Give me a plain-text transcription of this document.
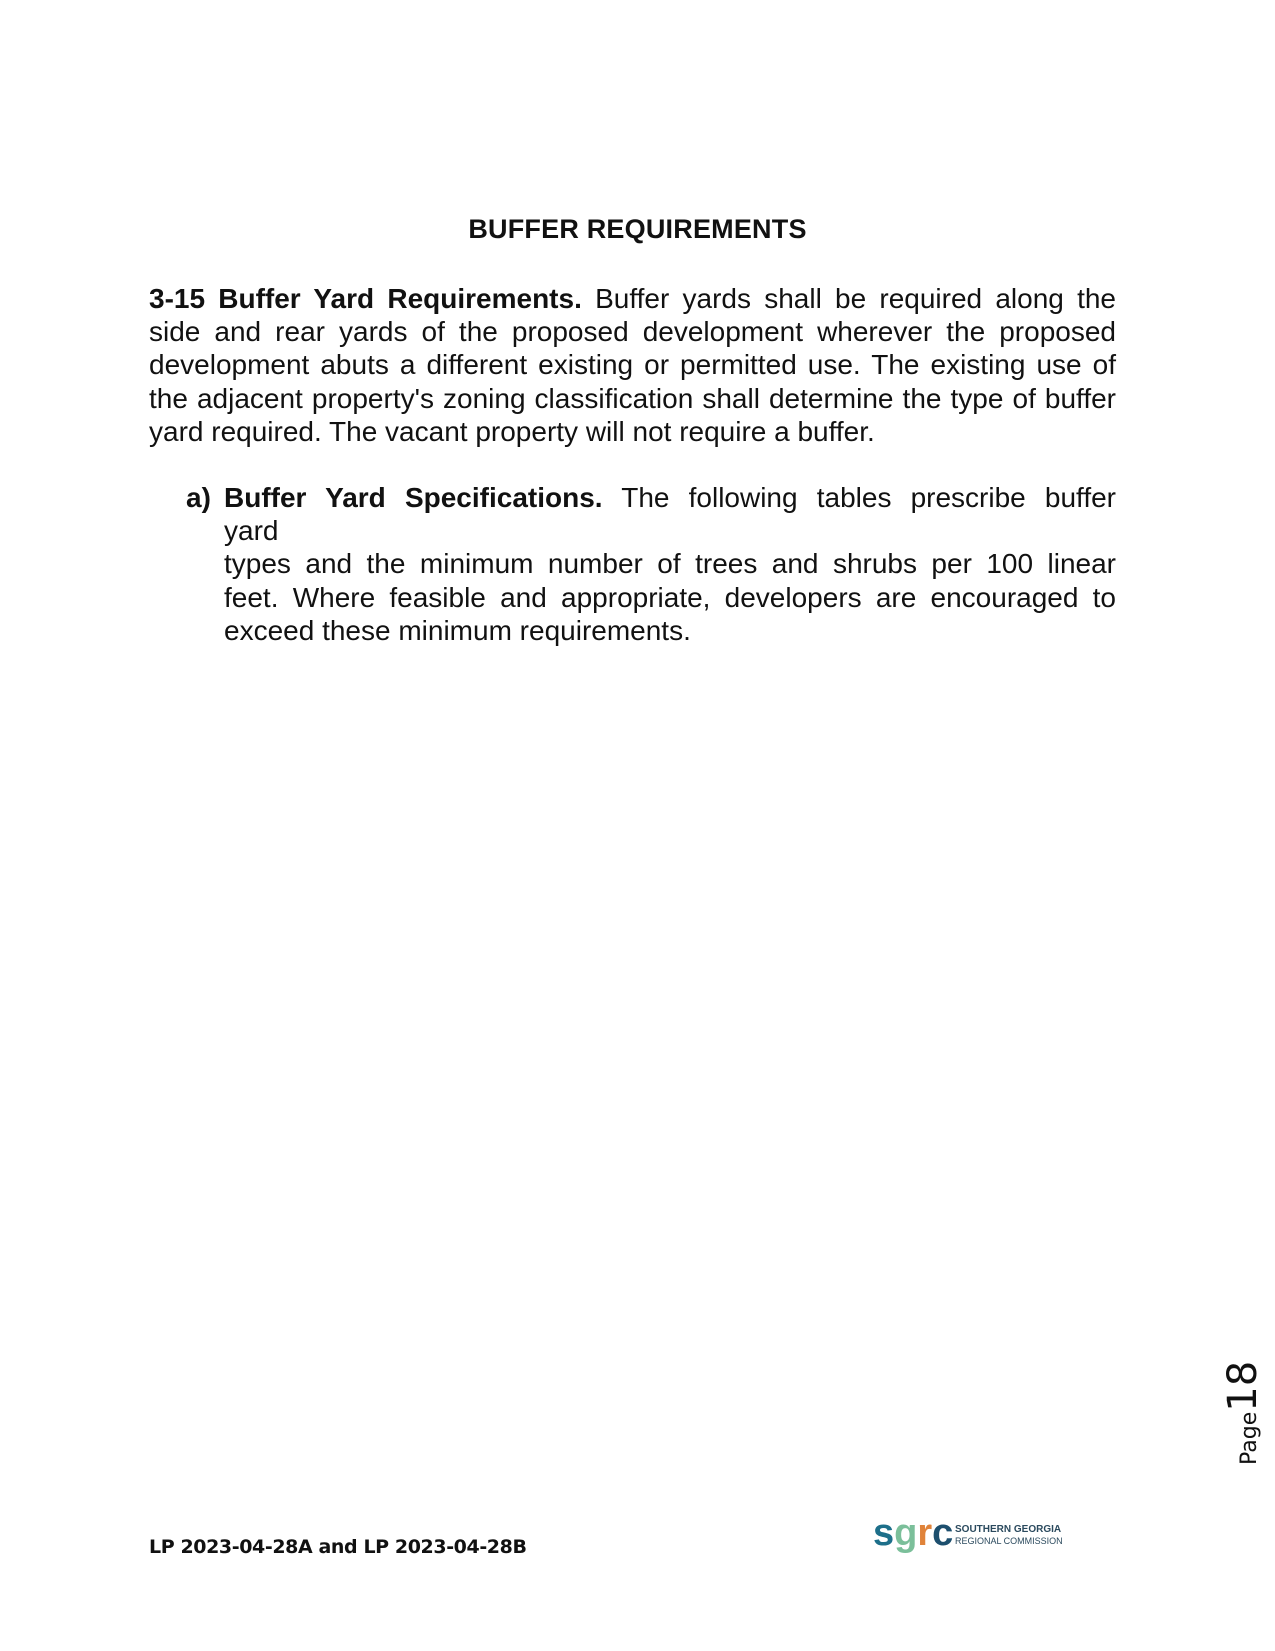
BUFFER REQUIREMENTS

3-15 Buffer Yard Requirements. Buffer yards shall be required along the side and rear yards of the proposed development wherever the proposed development abuts a different existing or permitted use. The existing use of the adjacent property's zoning classification shall determine the type of buffer yard required. The vacant property will not require a buffer.

a) Buffer Yard Specifications. The following tables prescribe buffer
yard
types and the minimum number of trees and shrubs per 100 linear
feet. Where feasible and appropriate, developers are encouraged to
exceed these minimum requirements.
Page18
LP 2023-04-28A and LP 2023-04-28B	sgrc SOUTHERN GEORGIA
REGIONAL COMMISSION
